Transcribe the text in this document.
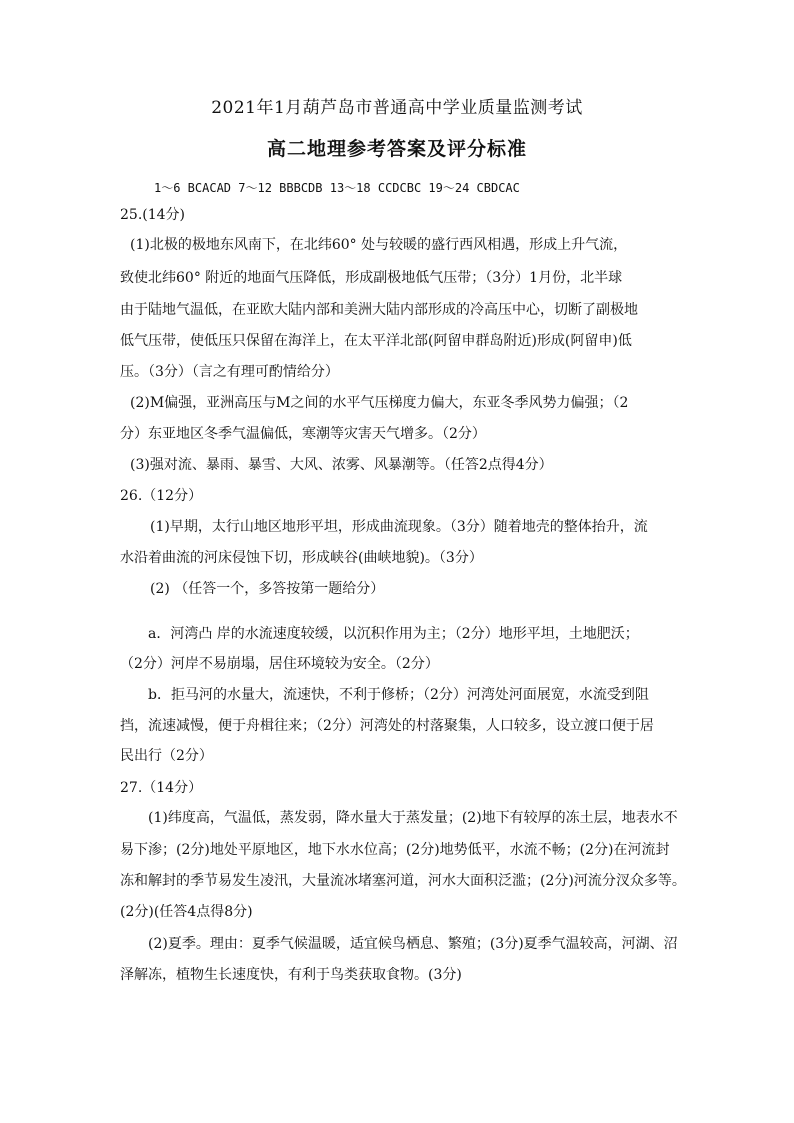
2021年1月葫芦岛市普通高中学业质量监测考试
高二地理参考答案及评分标准
1～6 BCACAD 7～12 BBBCDB 13～18 CCDCBC 19～24 CBDCAC
25.(14分)
(1)北极的极地东风南下，在北纬60° 处与较暖的盛行西风相遇，形成上升气流，
致使北纬60° 附近的地面气压降低，形成副极地低气压带；（3分）1月份，北半球
由于陆地气温低，在亚欧大陆内部和美洲大陆内部形成的冷高压中心，切断了副极地
低气压带，使低压只保留在海洋上，在太平洋北部(阿留申群岛附近)形成(阿留申)低
压。（3分）（言之有理可酌情给分）
(2)M偏强，亚洲高压与M之间的水平气压梯度力偏大，东亚冬季风势力偏强；（2
分）东亚地区冬季气温偏低，寒潮等灾害天气增多。（2分）
(3)强对流、暴雨、暴雪、大风、浓雾、风暴潮等。（任答2点得4分）
26.（12分）
(1)早期，太行山地区地形平坦，形成曲流现象。（3分）随着地壳的整体抬升，流
水沿着曲流的河床侵蚀下切，形成峡谷(曲峡地貌)。（3分）
(2) （任答一个，多答按第一题给分）
a．河湾凸 岸的水流速度较缓，以沉积作用为主；（2分）地形平坦，土地肥沃；
（2分）河岸不易崩塌，居住环境较为安全。（2分）
b．拒马河的水量大，流速快，不利于修桥；（2分）河湾处河面展宽，水流受到阻
挡，流速减慢，便于舟楫往来；（2分）河湾处的村落聚集，人口较多，设立渡口便于居
民出行（2分）
27.（14分）
(1)纬度高，气温低，蒸发弱，降水量大于蒸发量；(2)地下有较厚的冻土层，地表水不
易下渗；(2分)地处平原地区，地下水水位高；(2分)地势低平，水流不畅；(2分)在河流封
冻和解封的季节易发生凌汛，大量流冰堵塞河道，河水大面积泛滥；(2分)河流分汊众多等。
(2分)(任答4点得8分)
(2)夏季。理由：夏季气候温暖，适宜候鸟栖息、繁殖；(3分)夏季气温较高，河湖、沼
泽解冻，植物生长速度快，有利于鸟类获取食物。(3分)
